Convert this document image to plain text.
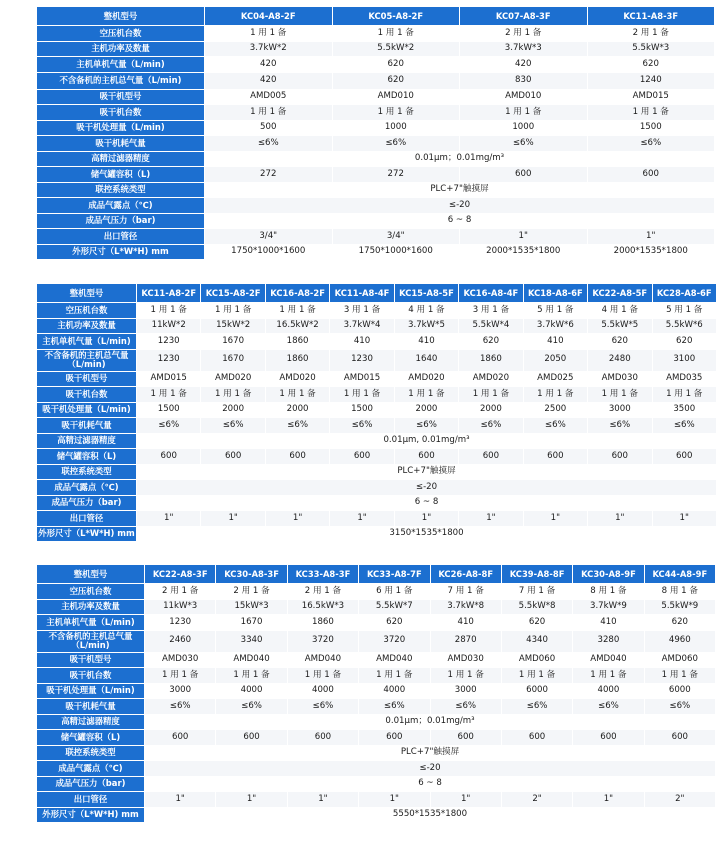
整机型号	KC04-A8-2F	KC05-A8-2F	KC07-A8-3F	KC11-A8-3F
空压机台数	1 用 1 备	1 用 1 备	2 用 1 备	2 用 1 备
主机功率及数量	3.7kW*2	5.5kW*2	3.7kW*3	5.5kW*3
主机单机气量（L/min)	420	620	420	620
不含备机的主机总气量（L/min)	420	620	830	1240
吸干机型号	AMD005	AMD010	AMD010	AMD015
吸干机台数	1 用 1 备	1 用 1 备	1 用 1 备	1 用 1 备
吸干机处理量（L/min)	500	1000	1000	1500
吸干机耗气量	≤6%	≤6%	≤6%	≤6%
高精过滤器精度	0.01μm；0.01mg/m³			
储气罐容积（L)	272	272	600	600
联控系统类型	PLC+7"触摸屏			
成品气露点（℃)	≤-20			
成品气压力（bar)	6 ~ 8			
出口管径	3/4"	3/4"	1"	1"
外形尺寸（L*W*H) mm	1750*1000*1600	1750*1000*1600	2000*1535*1800	2000*1535*1800
整机型号	KC11-A8-2F	KC15-A8-2F	KC16-A8-2F	KC11-A8-4F	KC15-A8-5F	KC16-A8-4F	KC18-A8-6F	KC22-A8-5F	KC28-A8-6F
空压机台数	1 用 1 备	1 用 1 备	1 用 1 备	3 用 1 备	4 用 1 备	3 用 1 备	5 用 1 备	4 用 1 备	5 用 1 备
主机功率及数量	11kW*2	15kW*2	16.5kW*2	3.7kW*4	3.7kW*5	5.5kW*4	3.7kW*6	5.5kW*5	5.5kW*6
主机单机气量（L/min)	1230	1670	1860	410	410	620	410	620	620
不含备机的主机总气量（L/min)	1230	1670	1860	1230	1640	1860	2050	2480	3100
吸干机型号	AMD015	AMD020	AMD020	AMD015	AMD020	AMD020	AMD025	AMD030	AMD035
吸干机台数	1 用 1 备	1 用 1 备	1 用 1 备	1 用 1 备	1 用 1 备	1 用 1 备	1 用 1 备	1 用 1 备	1 用 1 备
吸干机处理量（L/min)	1500	2000	2000	1500	2000	2000	2500	3000	3500
吸干机耗气量	≤6%	≤6%	≤6%	≤6%	≤6%	≤6%	≤6%	≤6%	≤6%
高精过滤器精度	0.01μm, 0.01mg/m³								
储气罐容积（L)	600	600	600	600	600	600	600	600	600
联控系统类型	PLC+7"触摸屏								
成品气露点（℃)	≤-20								
成品气压力（bar)	6 ~ 8								
出口管径	1"	1"	1"	1"	1"	1"	1"	1"	1"
外形尺寸（L*W*H) mm	3150*1535*1800								
整机型号	KC22-A8-3F	KC30-A8-3F	KC33-A8-3F	KC33-A8-7F	KC26-A8-8F	KC39-A8-8F	KC30-A8-9F	KC44-A8-9F
空压机台数	2 用 1 备	2 用 1 备	2 用 1 备	6 用 1 备	7 用 1 备	7 用 1 备	8 用 1 备	8 用 1 备
主机功率及数量	11kW*3	15kW*3	16.5kW*3	5.5kW*7	3.7kW*8	5.5kW*8	3.7kW*9	5.5kW*9
主机单机气量（L/min)	1230	1670	1860	620	410	620	410	620
不含备机的主机总气量（L/min)	2460	3340	3720	3720	2870	4340	3280	4960
吸干机型号	AMD030	AMD040	AMD040	AMD040	AMD030	AMD060	AMD040	AMD060
吸干机台数	1 用 1 备	1 用 1 备	1 用 1 备	1 用 1 备	1 用 1 备	1 用 1 备	1 用 1 备	1 用 1 备
吸干机处理量（L/min)	3000	4000	4000	4000	3000	6000	4000	6000
吸干机耗气量	≤6%	≤6%	≤6%	≤6%	≤6%	≤6%	≤6%	≤6%
高精过滤器精度	0.01μm；0.01mg/m³							
储气罐容积（L)	600	600	600	600	600	600	600	600
联控系统类型	PLC+7"触摸屏							
成品气露点（℃)	≤-20							
成品气压力（bar)	6 ~ 8							
出口管径	1"	1"	1"	1"	1"	2"	1"	2"
外形尺寸（L*W*H) mm	5550*1535*1800							
